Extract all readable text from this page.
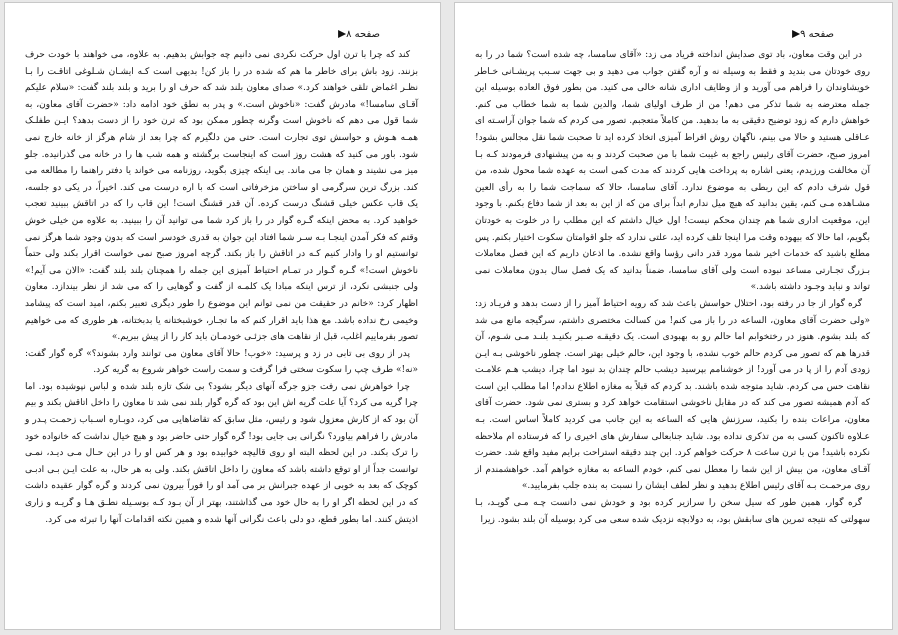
صفحه ۸

کند که چرا با ترن اول حرکت نکردی نمی دانیم چه جوابش بدهیم. به علاوه، می خواهند با خودت حرف بزنند. زود باش برای خاطر ما هم که شده در را باز کن! بدیهی است کـه ایشـان شـلوغی اتاقـت را بـا نظـر اغماض تلقی خواهند کرد.» صدای معاون بلند شد که حرف او را برید و بلند بلند گفت: «سلام علیکم آقـای سامسا!» مادرش گفت: «ناخوش است.» و پدر به نطق خود ادامه داد: «حضرت آقای معاون، به شما قول می دهم که ناخوش است وگرنه چطور ممکن بود که ترن خود را از دست بدهد؟ ایـن طفلـک همـه هـوش و حواسش توی تجارت است. حتی من دلگیرم که چرا بعد از شام هرگز از خانه خارج نمی شود. باور می کنید که هشت روز است که اینجاست برگشته و همه شب ها را در خانه می گذرانیده. جلو میز می نشیند و همان جا می ماند. بی اینکه چیزی بگوید، روزنامه می خواند یا دفتر راهنما را مطالعه می کند. بزرگ ترین سرگرمی او ساختن مزخرفاتی است که با اره درست می کند. اخیراً، در یکی دو جلسه، یک قاب عکس خیلی قشنگ درست کرده. آن قدر قشنگ است! این قاب را که در اتاقش ببینید تعجب خواهید کرد. به محض اینکه گـره گوار در را باز کرد شما می توانید آن را ببینید. به علاوه من خیلی خوش وقتم که فکر آمدن اینجـا بـه سـر شما افتاد این جوان به قدری خودسر است که بدون وجود شما هرگز نمی توانستیم او را وادار کنیم کـه در اتاقش را باز بکند. گرچه امروز صبح نمی خواست اقرار بکند ولی حتماً ناخوش است!» گـره گـوار در تمـام احتیاط آمیزی این جمله را همچنان بلند بلند گفت: «الان می آیم!» ولی جنبشی نکرد، از ترس اینکه مبادا یک کلمـه از گفت و گوهایی را که می شد از نظر بیندازد. معاون اظهار کرد: «خانم در حقیقت من نمی توانم این موضوع را طور دیگری تعبیر بکنم، امید است که پیشامد وخیمی رخ نداده باشد. مع هذا باید اقرار کنم که ما تجـار، خوشبختانه یا بدبختانه، هر طوری که می خواهیم تصور بفرماییم اغلب، قبل از نقاهت های جزئـی خودمـان باید کار را از پیش ببریم.»

پدر از روی بی تابی در زد و پرسید: «خوب! حالا آقای معاون می توانند وارد بشوند؟» گره گوار گفت: «نه!» طرف چپ را سکوت سختی فرا گرفت و سمت راست خواهر شروع به گریه کرد.

چرا خواهرش نمی رفت جزو جرگه آنهای دیگر بشود؟ بی شک تازه بلند شده و لباس نپوشیده بود. اما چرا گریه می کرد؟ آیا علت گریه اش این بود که گره گوار بلند نمی شد تا معاون را داخل اتاقش بکند و بیم آن بود که از کارش معزول شود و رئیس، مثل سابق که تقاضاهایی می کرد، دوبـاره اسـباب زحمـت پـدر و مادرش را فراهم بیاورد؟ نگرانی بی جایی بود! گره گوار حتی حاضر بود و هیچ خیال نداشت که خانواده خود را ترک بکند. در این لحظه البته او روی قالیچه خوابیده بود و هر کس او را در این حـال مـی دیـد، نمـی توانست جداً از او توقع داشته باشد که معاون را داخل اتاقش بکند. ولی به هر حال، به علت ایـن بـی ادبـی کوچک که بعد به خوبی از عهده جبرانش بر می آمد او را فوراً بیرون نمی کردند و گره گوار عقیده داشت که در این لحظه اگر او را به حال خود می گذاشتند، بهتر از آن بـود کـه بوسـیله نطـق هـا و گریـه و زاری اذیتش کنند. اما بطور قطع، دو دلی باعث نگرانی آنها شده و همین نکته اقدامات آنها را تبرئه می کرد.

صفحه ۹

در این وقت معاون، باد توی صدایش انداخته فریاد می زد: «آقای سامسا، چه شده است؟ شما در را به روی خودتان می بندید و فقط به وسیله نه و آره گفتن جواب می دهید و بی جهت سـبب پریشـانی خـاطر خویشاوندان را فراهم می آورید و از وظایف اداری شانه خالی می کنید. من بطور فوق العاده بوسیله این جمله معترضه به شما تذکر می دهم! من از طرف اولیای شما، والدین شما به شما خطاب می کنم. خواهش دارم که زود توضیح دقیقی به ما بدهید. من کاملاً متعجبم. تصور می کردم که شما جوان آراسـته ای عـاقلی هستید و حالا می بینم، ناگهان روش افراط آمیزی اتخاذ کرده اید تا صحبت شما نقل مجالس بشود! امروز صبح، حضرت آقای رئیس راجع به غیبت شما با من صحبت کردند و به من پیشنهادی فرمودند کـه بـا آن مخالفت ورزیدم، یعنی اشاره به پرداخت هایی کردند که مدت کمی است به عهده شما محول شده، من قول شرف دادم که این ربطی به موضوع ندارد. آقای سامسا، حالا که سماجت شما را به رأی العین مشـاهده مـی کنم، یقین بدانید که هیچ میل ندارم ابداً برای من که از این به بعد از شما دفاع بکنم. با وجود این، موقعیت اداری شما هم چندان محکم نیست! اول خیال داشتم که این مطلب را در خلوت به خودتان بگویم، اما حالا که بیهوده وقت مرا اینجا تلف کرده اید، علتی ندارد که جلو اقوامتان سکوت اختیار بکنم. پس مطلع باشید که خدمات اخیر شما مورد قدر دانی رؤسا واقع نشده. ما اذعان داریم که این فصل معاملات بـزرگ تجـارتی مساعد نبوده است ولی آقای سامسا، ضمناً بدانید که یک فصل سال بدون معاملات نمی تواند و نباید وجـود داشته باشد.»

گره گوار از جا در رفته بود، احتلال حواسش باعث شد که رویه احتیاط آمیز را از دست بدهد و فریـاد زد: «ولی حضرت آقای معاون، الساعه در را باز می کنم! من کسالت مختصری داشتم، سرگیجه مانع می شد که بلند بشوم. هنوز در رختخوابم اما حالم رو به بهبودی است. یک دقیقـه صـبر بکنیـد بلنـد مـی شـوم، آن قدرها هم که تصور می کردم حالم خوب نشده، با وجود این، حالم خیلی بهتر است. چطور ناخوشی بـه ایـن زودی آدم را از پا در می آورد! از خوشنامم بپرسید دیشب حالم چندان بد نبود اما چرا، دیشب هـم علامـت نقاهت حس می کردم. شاید متوجه شده باشند. بد کردم که قبلاً به مغازه اطلاع ندادم! اما مطلب این است که آدم همیشه تصور می کند که در مقابل ناخوشی استقامت خواهد کرد و بستری نمی شود. حضرت آقای معاون، مراعات بنده را بکنید، سرزنش هایی که الساعه به این جانب می کردید کاملاً اساس است. بـه عـلاوه تاکنون کسی به من تذکری نداده بود. شاید جنابعالی سفارش های اخیری را که فرستاده ام ملاحظه نکرده باشید! من با ترن ساعت ۸ حرکت خواهم کرد. این چند دقیقه استراحت برایم مفید واقع شد. حضرت آقـای معاون، من بیش از این شما را معطل نمی کنم، خودم الساعه به مغازه خواهم آمد. خواهشمندم از روی مرحمـت بـه آقای رئیس اطلاع بدهید و نظر لطف ایشان را نسبت به بنده جلب بفرمایید.»

گره گوار، همین طور که سیل سخن را سرازیر کرده بود و خودش نمی دانست چـه مـی گویـد، بـا سهولتی که نتیجه تمرین های سابقش بود، به دولابچه نزدیک شده سعی می کرد بوسیله آن بلند بشود. زیرا
